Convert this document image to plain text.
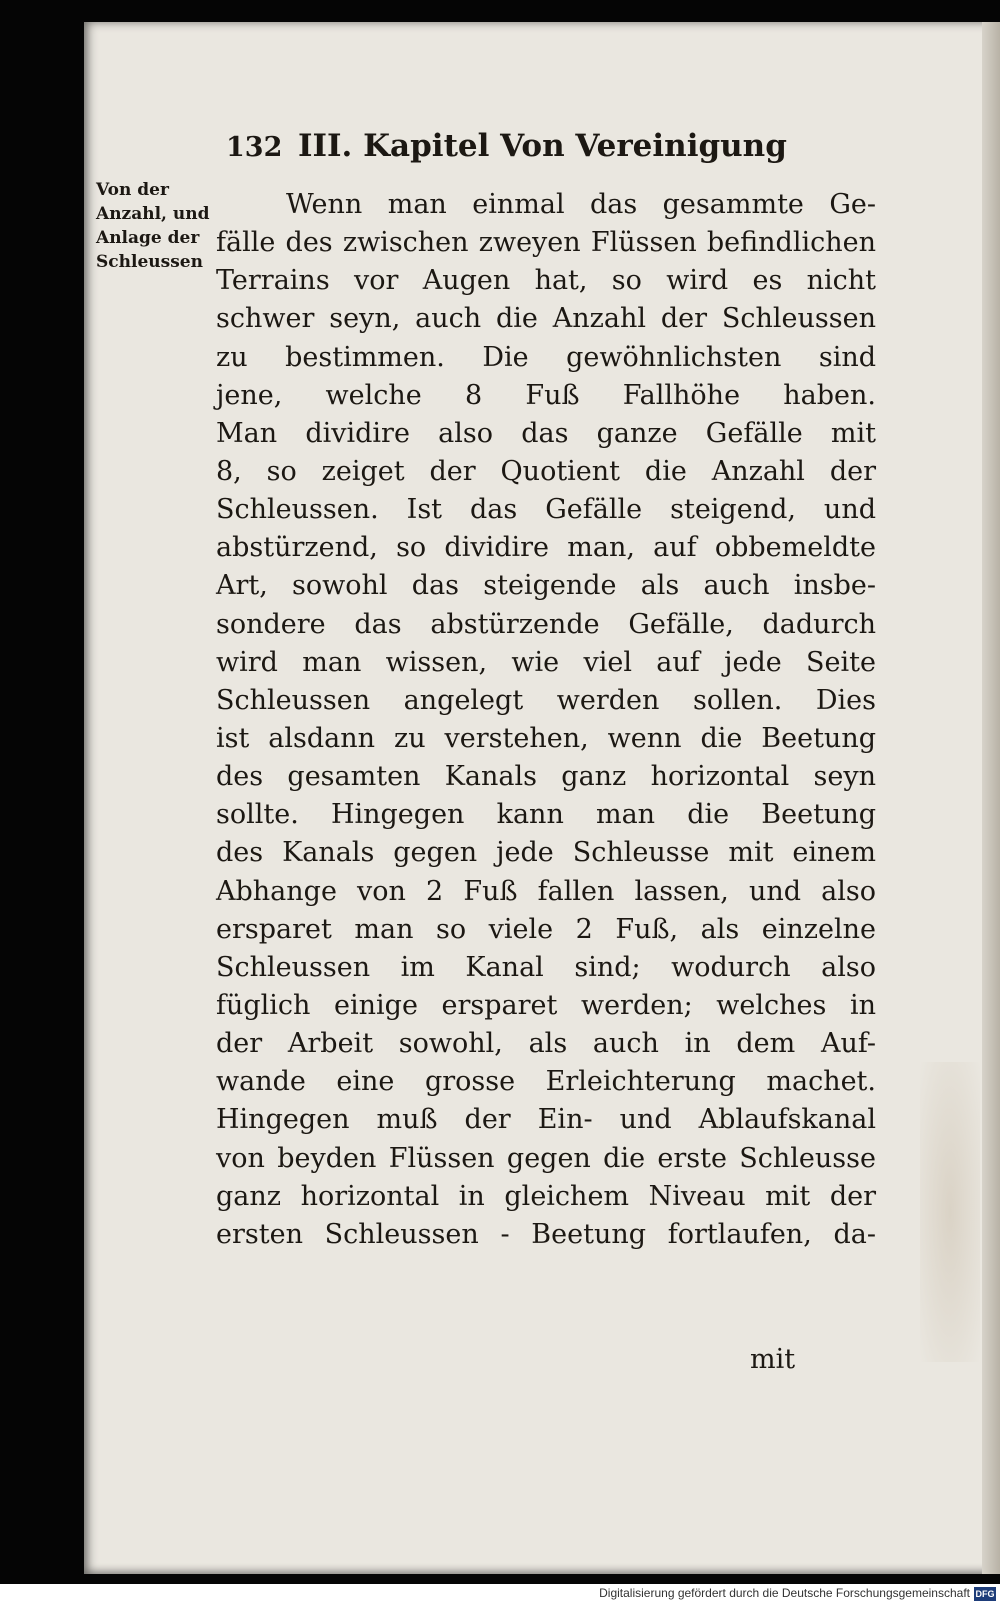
132 III. Kapitel Von Vereinigung

Von der Anzahl, und Anlage der Schleussen

Wenn man einmal das gesammte Ge-
fälle des zwischen zweyen Flüssen befindlichen
Terrains vor Augen hat, so wird es nicht
schwer seyn, auch die Anzahl der Schleussen
zu bestimmen. Die gewöhnlichsten sind
jene, welche 8 Fuß Fallhöhe haben.
Man dividire also das ganze Gefälle mit
8, so zeiget der Quotient die Anzahl der
Schleussen. Ist das Gefälle steigend, und
abstürzend, so dividire man, auf obbemeldte
Art, sowohl das steigende als auch insbe-
sondere das abstürzende Gefälle, dadurch
wird man wissen, wie viel auf jede Seite
Schleussen angelegt werden sollen. Dies
ist alsdann zu verstehen, wenn die Beetung
des gesamten Kanals ganz horizontal seyn
sollte. Hingegen kann man die Beetung
des Kanals gegen jede Schleusse mit einem
Abhange von 2 Fuß fallen lassen, und also
ersparet man so viele 2 Fuß, als einzelne
Schleussen im Kanal sind; wodurch also
füglich einige ersparet werden; welches in
der Arbeit sowohl, als auch in dem Auf-
wande eine grosse Erleichterung machet.
Hingegen muß der Ein- und Ablaufskanal
von beyden Flüssen gegen die erste Schleusse
ganz horizontal in gleichem Niveau mit der
ersten Schleussen - Beetung fortlaufen, da-
mit
Digitalisierung gefördert durch die Deutsche Forschungsgemeinschaft DFG
